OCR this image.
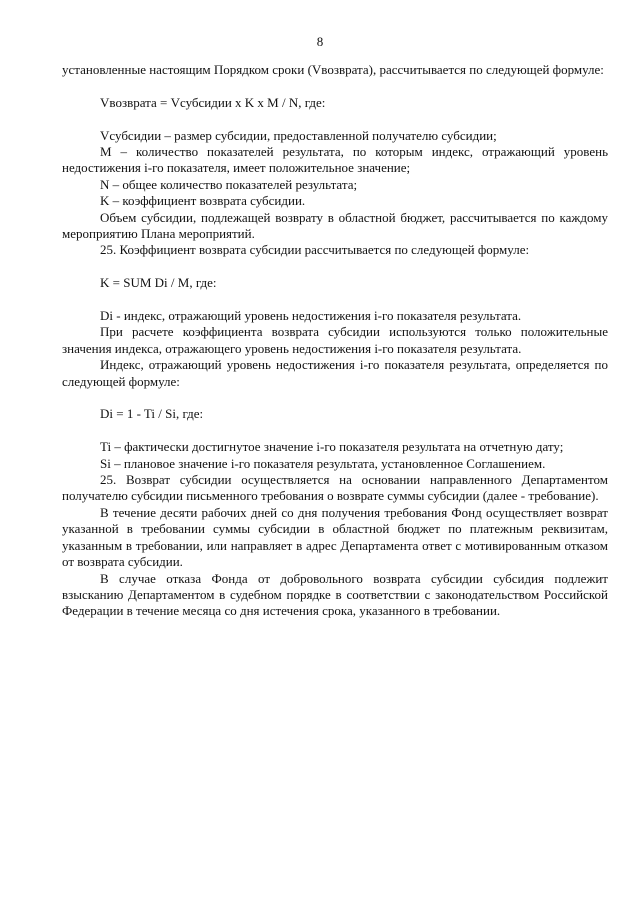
8

установленные настоящим Порядком сроки (Vвозврата), рассчитывается по следующей формуле:

Vвозврата = Vсубсидии x K x M / N, где:

Vсубсидии – размер субсидии, предоставленной получателю субсидии;

M – количество показателей результата, по которым индекс, отражающий уровень недостижения i-го показателя, имеет положительное значение;

N – общее количество показателей результата;

K – коэффициент возврата субсидии.

Объем субсидии, подлежащей возврату в областной бюджет, рассчитывается по каждому мероприятию Плана мероприятий.

25. Коэффициент возврата субсидии рассчитывается по следующей формуле:

K = SUM Di / M, где:

Di - индекс, отражающий уровень недостижения i-го показателя результата.

При расчете коэффициента возврата субсидии используются только положительные значения индекса, отражающего уровень недостижения i-го показателя результата.

Индекс, отражающий уровень недостижения i-го показателя результата, определяется по следующей формуле:

Di = 1 - Ti / Si, где:

Ti – фактически достигнутое значение i-го показателя результата на отчетную дату;

Si – плановое значение i-го показателя результата, установленное Соглашением.

25. Возврат субсидии осуществляется на основании направленного Департаментом получателю субсидии письменного требования о возврате суммы субсидии (далее - требование).

В течение десяти рабочих дней со дня получения требования Фонд осуществляет возврат указанной в требовании суммы субсидии в областной бюджет по платежным реквизитам, указанным в требовании, или направляет в адрес Департамента ответ с мотивированным отказом от возврата субсидии.

В случае отказа Фонда от добровольного возврата субсидии субсидия подлежит взысканию Департаментом в судебном порядке в соответствии с законодательством Российской Федерации в течение месяца со дня истечения срока, указанного в требовании.
